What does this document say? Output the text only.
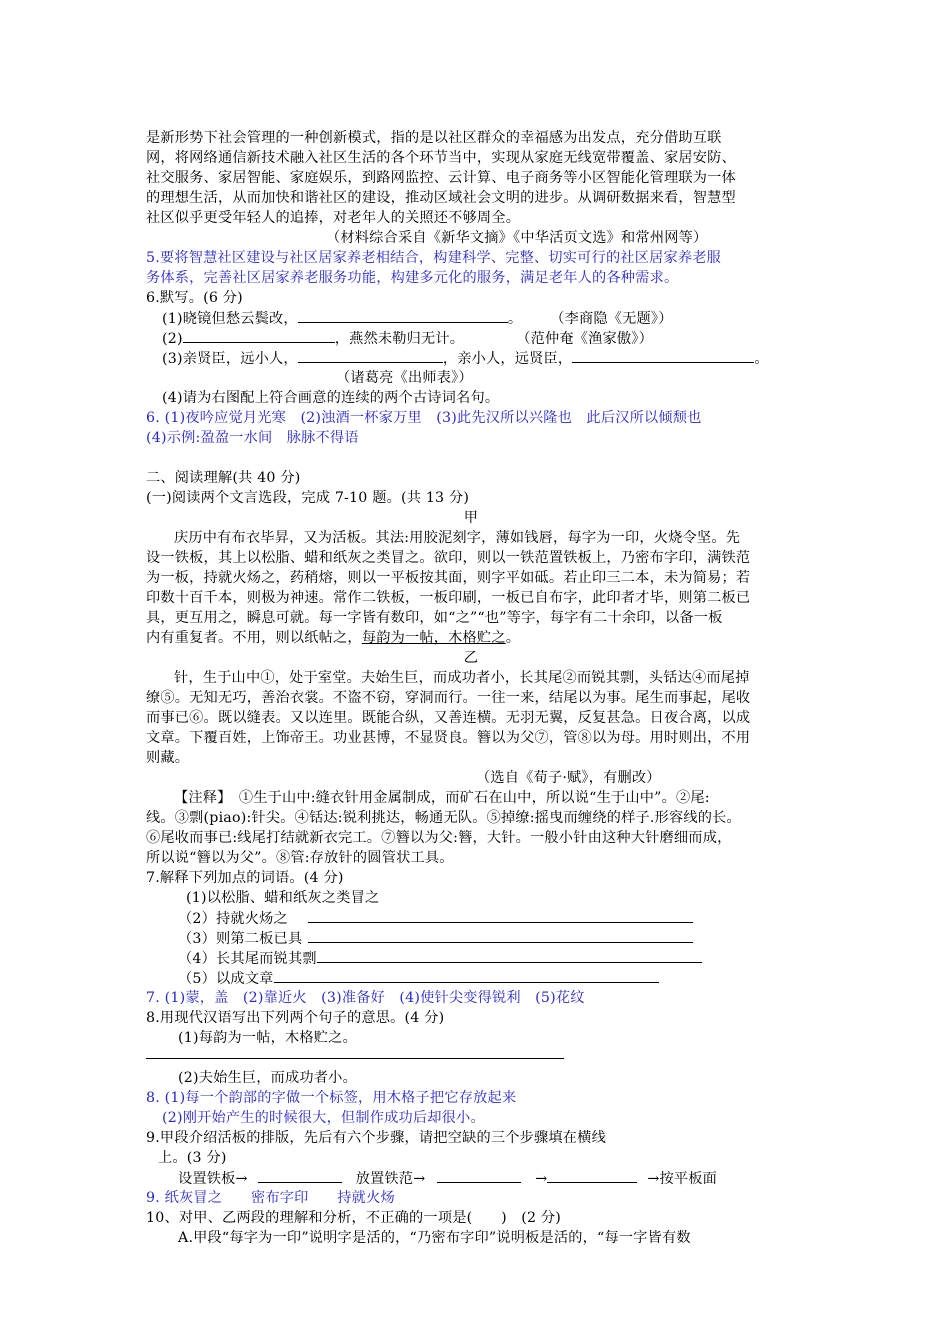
是新形势下社会管理的一种创新模式，指的是以社区群众的幸福感为出发点，充分借助互联
网，将网络通信新技术融入社区生活的各个环节当中，实现从家庭无线宽带覆盖、家居安防、
社交服务、家居智能、家庭娱乐，到路网监控、云计算、电子商务等小区智能化管理联为一体
的理想生活，从而加快和谐社区的建设，推动区域社会文明的进步。从调研数据来看，智慧型
社区似乎更受年轻人的追捧，对老年人的关照还不够周全。
（材料综合采自《新华文摘》《中华活页文选》和常州网等）
5.要将智慧社区建设与社区居家养老相结合，构建科学、完整、切实可行的社区居家养老服
务体系，完善社区居家养老服务功能，构建多元化的服务，满足老年人的各种需求。
6.默写。(6 分)
(1)晓镜但愁云鬓改，	。 （李商隐《无题》）
(2)	，燕然未勒归无计。	（范仲奄《渔家傲》）
(3)亲贤臣，远小人，	，亲小人，远贤臣，	。
（诸葛亮《出师表》）
(4)请为右图配上符合画意的连续的两个古诗词名句。
6. (1)夜吟应觉月光寒　(2)浊酒一杯家万里　(3)此先汉所以兴隆也　此后汉所以倾颓也
(4)示例:盈盈一水间　脉脉不得语
二、阅读理解(共 40 分)
(一)阅读两个文言选段，完成 7-10 题。(共 13 分)
甲
庆历中有布衣毕昇，又为活板。其法:用胶泥刻字，薄如钱唇，每字为一印，火烧令坚。先
设一铁板，其上以松脂、蜡和纸灰之类冒之。欲印，则以一铁范置铁板上，乃密布字印，满铁范
为一板，持就火炀之，药稍熔，则以一平板按其面，则字平如砥。若止印三二本，未为简易；若
印数十百千本，则极为神速。常作二铁板，一板印刷，一板已自布字，此印者才毕，则第二板已
具，更互用之，瞬息可就。每一字皆有数印，如“之”“也”等字，每字有二十余印，以备一板
内有重复者。不用，则以纸帖之，每韵为一帖，木格贮之。
乙
针，生于山中①，处于室堂。夫始生巨，而成功者小，长其尾②而锐其剽，头铦达④而尾掉
缭⑤。无知无巧，善治衣裳。不盗不窃，穿洞而行。一往一来，结尾以为事。尾生而事起，尾收
而事已⑥。既以缝表。又以连里。既能合纵，又善连横。无羽无翼，反复甚急。日夜合离，以成
文章。下覆百姓，上饰帝王。功业甚博，不显贤良。簪以为父⑦，管⑧以为母。用时则出，不用
则藏。
（选自《荀子·赋》，有删改）
【注释】　①生于山中:缝衣针用金属制成，而矿石在山中，所以说“生于山中”。②尾:
线。③剽(piao):针尖。④铦达:锐利挑达，畅通无队。⑤掉缭:摇曳而缠绕的样子.形容线的长。
⑥尾收而事已:线尾打结就新衣完工。⑦簪以为父:簪，大针。一般小针由这种大针磨细而成，
所以说“簪以为父”。⑧管:存放针的圆管状工具。
7.解释下列加点的词语。(4 分)
(1)以松脂、蜡和纸灰之类冒之
（2）持就火炀之
（3）则第二板已具
（4）长其尾而锐其剽
（5）以成文章
7. (1)蒙，盖　(2)靠近火　(3)准备好　(4)使针尖变得锐利　(5)花纹
8.用现代汉语写出下列两个句子的意思。(4 分)
(1)每韵为一帖，木格贮之。
(2)夫始生巨，而成功者小。
8. (1)每一个韵部的字做一个标签，用木格子把它存放起来
(2)刚开始产生的时候很大，但制作成功后却很小。
9.甲段介绍活板的排版，先后有六个步骤，请把空缺的三个步骤填在横线
上。(3 分)
设置铁板→	放置铁范→	→	→按平板面
9. 纸灰冒之　　密布字印　　持就火炀
10、对甲、乙两段的理解和分析，不正确的一项是(　　)　(2 分)
A.甲段“每字为一印”说明字是活的，“乃密布字印”说明板是活的，“每一字皆有数
